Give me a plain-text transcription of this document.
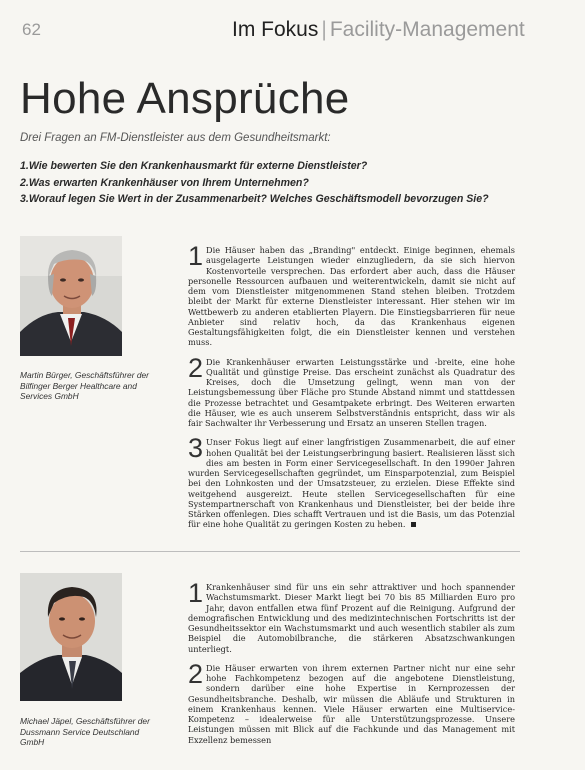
62	Im Fokus | Facility-Management
Hohe Ansprüche
Drei Fragen an FM-Dienstleister aus dem Gesundheitsmarkt:
1.Wie bewerten Sie den Krankenhausmarkt für externe Dienstleister?
2.Was erwarten Krankenhäuser von Ihrem Unternehmen?
3.Worauf legen Sie Wert in der Zusammenarbeit? Welches Geschäftsmodell bevorzugen Sie?
Martin Bürger, Geschäftsführer der Bilfinger Berger Healthcare and Services GmbH

1 Die Häuser haben das „Branding" entdeckt. Einige beginnen, ehemals ausgelagerte Leistungen wieder einzugliedern, da sie sich hiervon Kostenvorteile versprechen. Das erfordert aber auch, dass die Häuser personelle Ressourcen aufbauen und weiterentwickeln, damit sie nicht auf dem vom Dienstleister mitgenommenen Stand stehen bleiben. Trotzdem bleibt der Markt für externe Dienstleister interessant. Hier stehen wir im Wettbewerb zu anderen etablierten Playern. Die Einstiegsbarrieren für neue Anbieter sind relativ hoch, da das Krankenhaus eigenen Gestaltungsfähigkeiten folgt, die ein Dienstleister kennen und verstehen muss.

2 Die Krankenhäuser erwarten Leistungsstärke und -breite, eine hohe Qualität und günstige Preise. Das erscheint zunächst als Quadratur des Kreises, doch die Umsetzung gelingt, wenn man von der Leistungsbemessung über Fläche pro Stunde Abstand nimmt und stattdessen die Prozesse betrachtet und Gesamtpakete erbringt. Des Weiteren erwarten die Häuser, wie es auch unserem Selbstverständnis entspricht, dass wir als fair Sachwalter ihr Verbesserung und Ersatz an unseren Stellen tragen.

3 Unser Fokus liegt auf einer langfristigen Zusammenarbeit, die auf einer hohen Qualität bei der Leistungserbringung basiert. Realisieren lässt sich dies am besten in Form einer Servicegesellschaft. In den 1990er Jahren wurden Servicegesellschaften gegründet, um Einsparpotenzial, zum Beispiel bei den Lohnkosten und der Umsatzsteuer, zu erzielen. Diese Effekte sind weitgehend ausgereizt. Heute stellen Servicegesellschaften für eine Systempartnerschaft von Krankenhaus und Dienstleister, bei der beide ihre Stärken offenlegen. Dies schafft Vertrauen und ist die Basis, um das Potenzial für eine hohe Qualität zu geringen Kosten zu heben.

Michael Jäpel, Geschäftsführer der Dussmann Service Deutschland GmbH

1 Krankenhäuser sind für uns ein sehr attraktiver und hoch spannender Wachstumsmarkt. Dieser Markt liegt bei 70 bis 85 Milliarden Euro pro Jahr, davon entfallen etwa fünf Prozent auf die Reinigung. Aufgrund der demografischen Entwicklung und des medizintechnischen Fortschritts ist der Gesundheitssektor ein Wachstumsmarkt und auch wesentlich stabiler als zum Beispiel die Automobilbranche, die stärkeren Absatzschwankungen unterliegt.

2 Die Häuser erwarten von ihrem externen Partner nicht nur eine sehr hohe Fachkompetenz bezogen auf die angebotene Dienstleistung, sondern darüber eine hohe Expertise in Kernprozessen der Gesundheitsbranche. Deshalb, wir müssen die Abläufe und Strukturen in einem Krankenhaus kennen. Viele Häuser erwarten eine Multiservice-Kompetenz – idealerweise für alle Unterstützungsprozesse. Unsere Leistungen müssen mit Blick auf die Fachkunde und das Management mit Exzellenz bemessen
